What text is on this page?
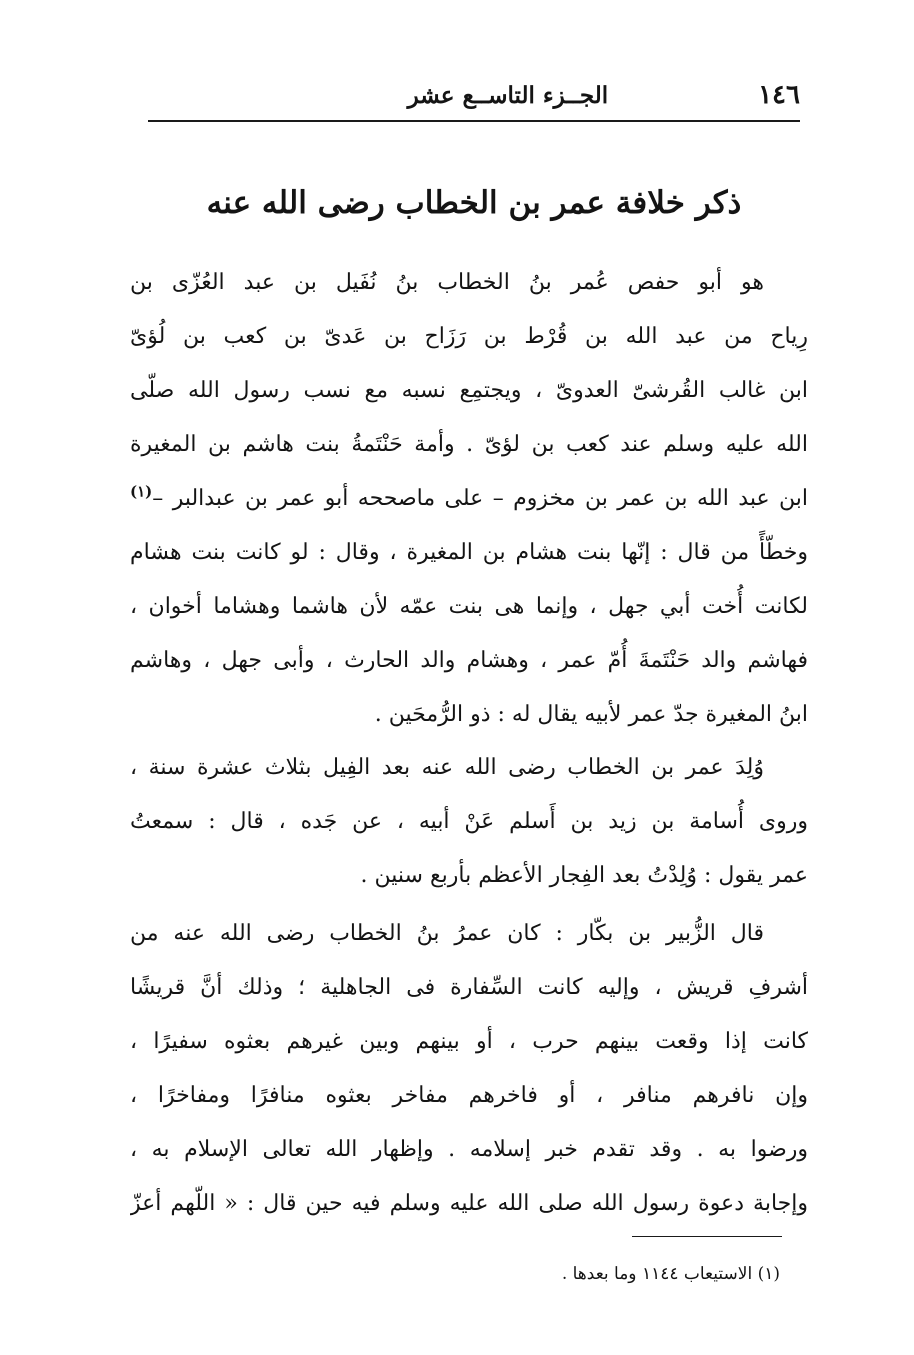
١٤٦
الجــزء التاســع عشر
ذكر خلافة عمر بن الخطاب رضى الله عنه
هو أبو حفص عُمر بنُ الخطاب بنُ نُفَيل بن عبد العُزّى بن
رِياح من عبد الله بن قُرْط بن رَزَاح بن عَدىّ بن كعب بن لُؤىّ
ابن غالب القُرشىّ العدوىّ ، ويجتمِع نسبه مع نسب رسول الله صلّى
الله عليه وسلم عند كعب بن لؤىّ . وأمة حَنْتَمةُ بنت هاشم بن المغيرة
ابن عبد الله بن عمر بن مخزوم – على ماصححه أبو عمر بن عبدالبر –$^{(١)}$
وخطّأً من قال : إنّها بنت هشام بن المغيرة ، وقال : لو كانت بنت هشام
لكانت أُخت أبي جهل ، وإنما هى بنت عمّه لأن هاشما وهشاما أخوان ،
فهاشم والد حَنْتَمةَ أُمّ عمر ، وهشام والد الحارث ، وأبى جهل ، وهاشم
ابنُ المغيرة جدّ عمر لأبيه يقال له : ذو الرُّمحَين .
وُلِدَ عمر بن الخطاب رضى الله عنه بعد الفِيل بثلاث عشرة سنة ،
وروى أُسامة بن زيد بن أَسلم عَنْ أبيه ، عن جَده ، قال : سمعتُ
عمر يقول : وُلِدْتُ بعد الفِجار الأعظم بأربع سنين .
قال الزُّبير بن بكّار : كان عمرُ بنُ الخطاب رضى الله عنه من
أشرفِ قريش ، وإليه كانت السِّفارة فى الجاهلية ؛ وذلك أنَّ قريشًا
كانت إذا وقعت بينهم حرب ، أو بينهم وبين غيرهم بعثوه سفيرًا ،
وإن نافرهم منافر ، أو فاخرهم مفاخر بعثوه منافرًا ومفاخرًا ،
ورضوا به . وقد تقدم خبر إسلامه . وإظهار الله تعالى الإسلام به ،
وإجابة دعوة رسول الله صلى الله عليه وسلم فيه حين قال : « اللّهم أعزّ
(١) الاستيعاب ١١٤٤ وما بعدها .
